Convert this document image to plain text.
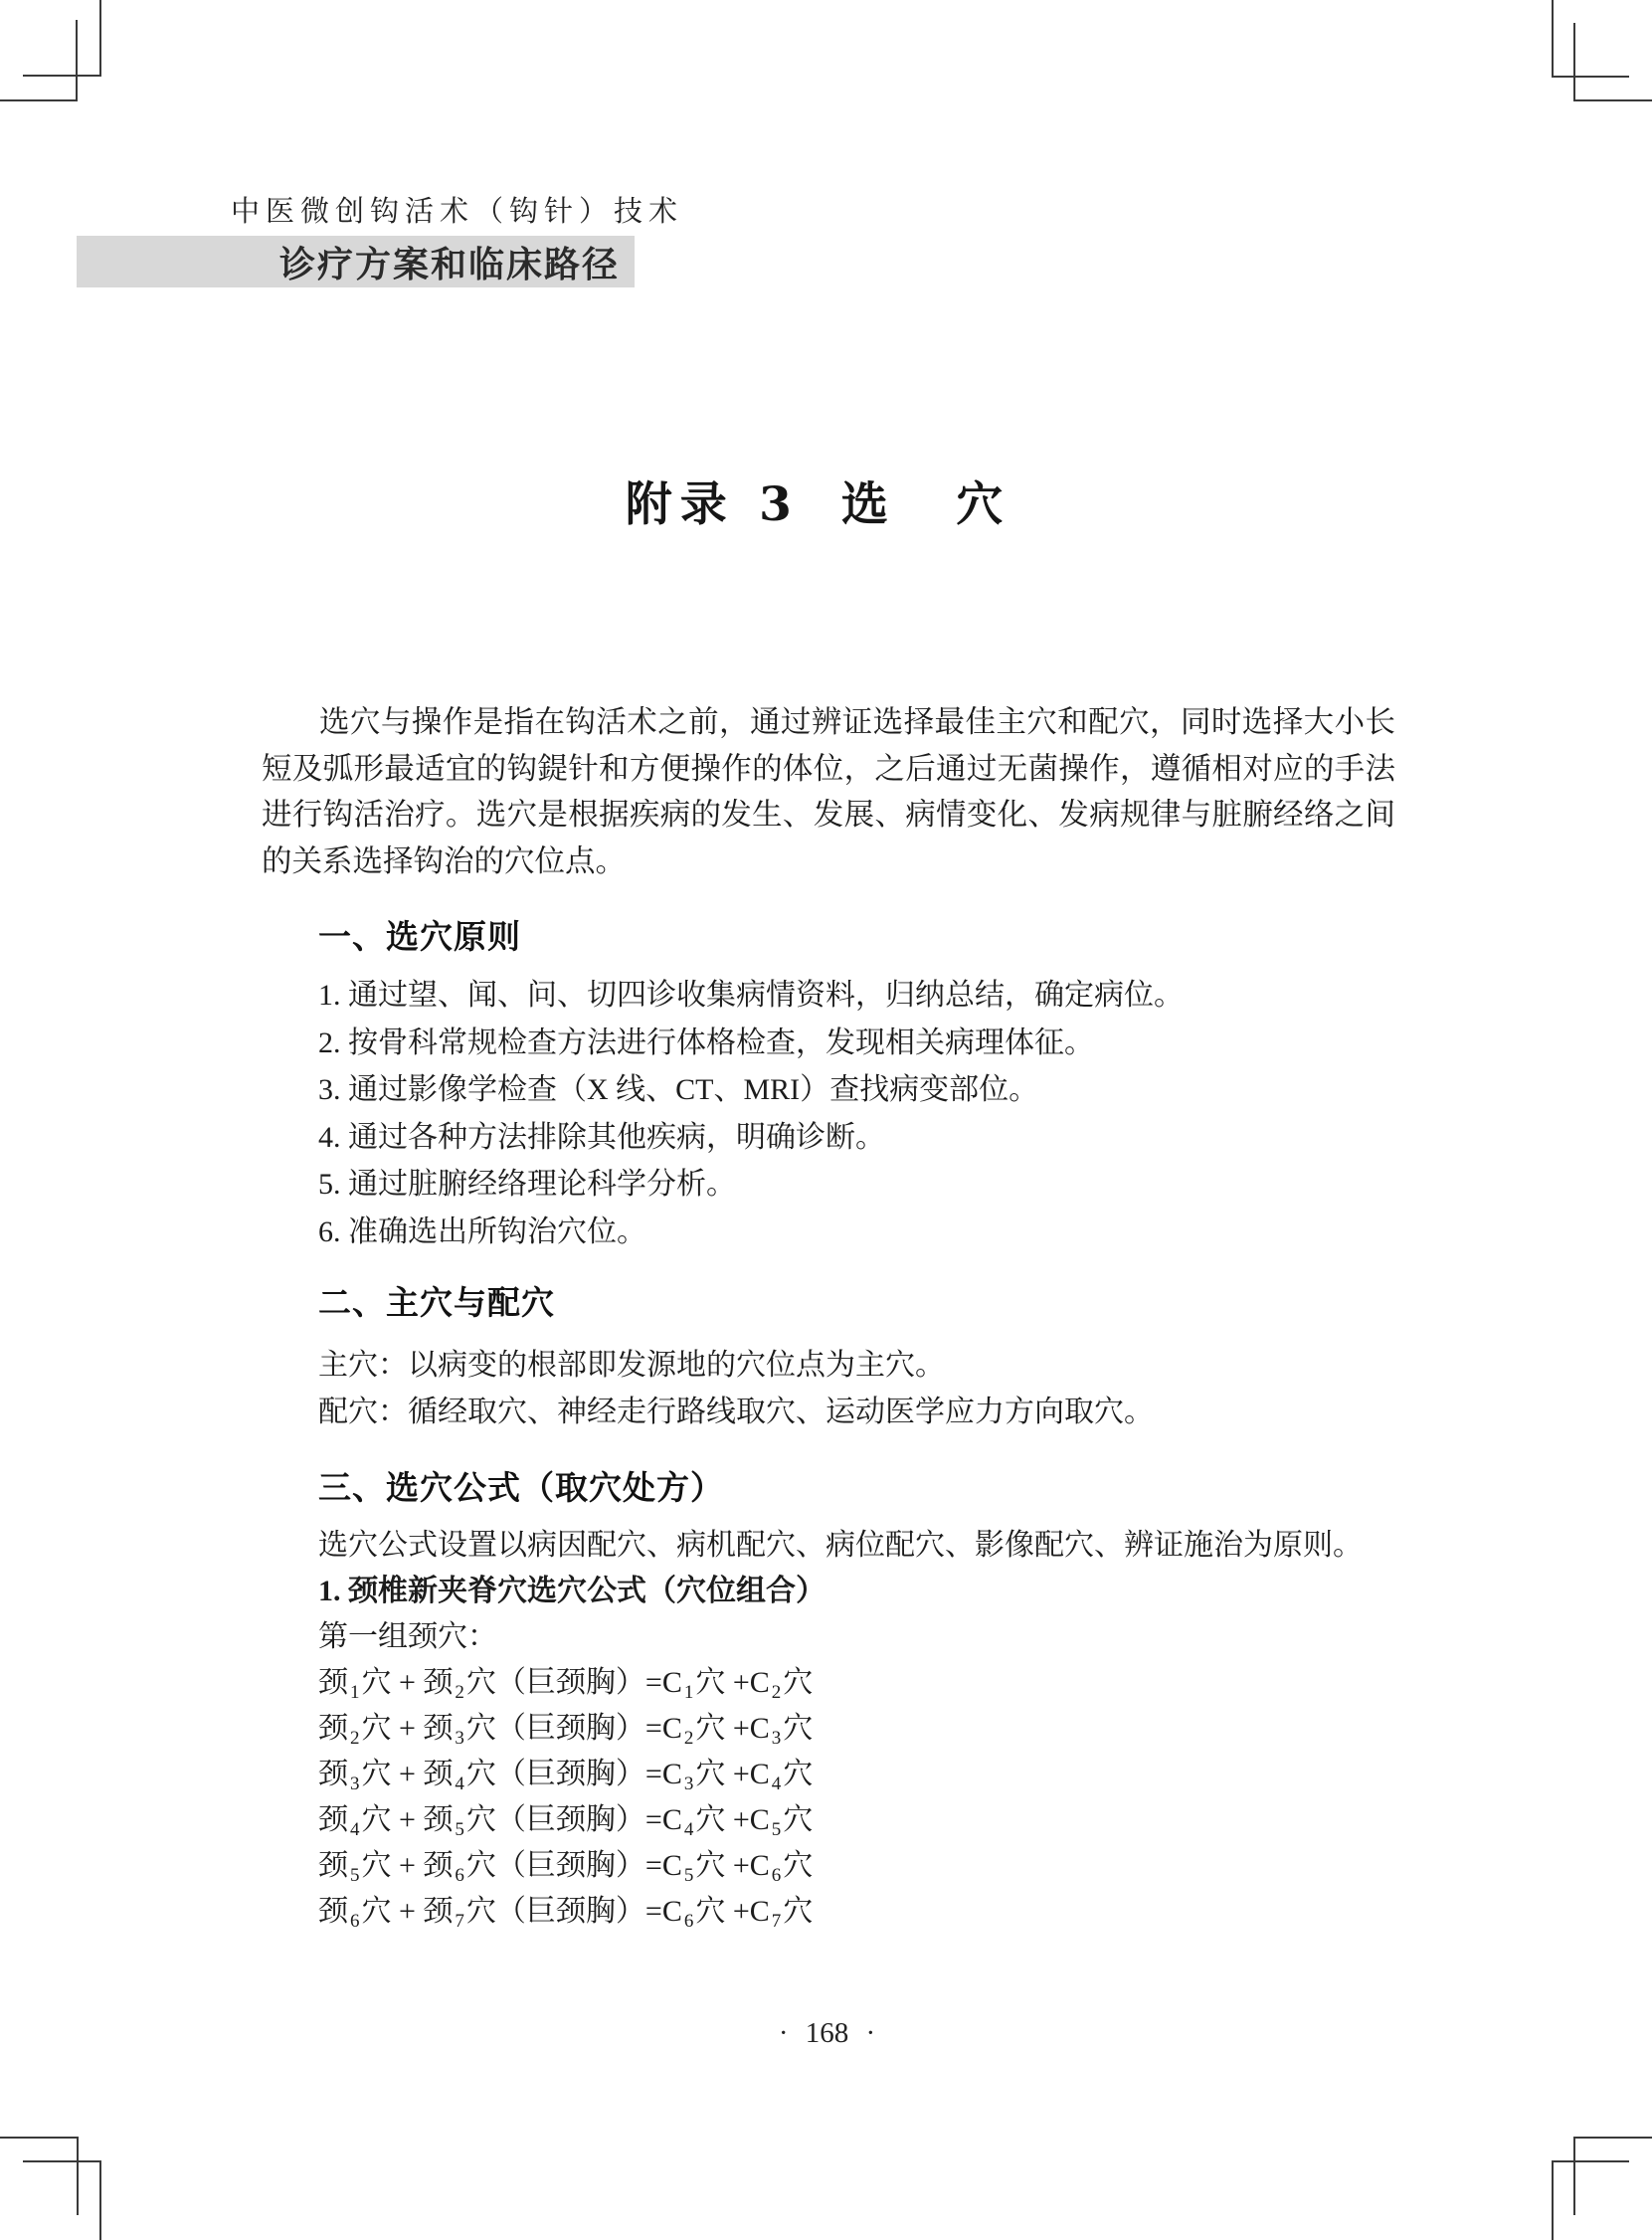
中医微创钩活术（钩针）技术
诊疗方案和临床路径
附录 3 选 穴
选穴与操作是指在钩活术之前，通过辨证选择最佳主穴和配穴，同时选择大小长短及弧形最适宜的钩鍉针和方便操作的体位，之后通过无菌操作，遵循相对应的手法进行钩活治疗。选穴是根据疾病的发生、发展、病情变化、发病规律与脏腑经络之间的关系选择钩治的穴位点。
一、选穴原则
1. 通过望、闻、问、切四诊收集病情资料，归纳总结，确定病位。
2. 按骨科常规检查方法进行体格检查，发现相关病理体征。
3. 通过影像学检查（X 线、CT、MRI）查找病变部位。
4. 通过各种方法排除其他疾病，明确诊断。
5. 通过脏腑经络理论科学分析。
6. 准确选出所钩治穴位。
二、主穴与配穴
主穴：以病变的根部即发源地的穴位点为主穴。
配穴：循经取穴、神经走行路线取穴、运动医学应力方向取穴。
三、选穴公式（取穴处方）
选穴公式设置以病因配穴、病机配穴、病位配穴、影像配穴、辨证施治为原则。
1. 颈椎新夹脊穴选穴公式（穴位组合）
第一组颈穴：
颈 $_1$穴 + 颈 $_2$穴（巨颈胸）=C $_1$穴 +C $_2$穴
颈 $_2$穴 + 颈 $_3$穴（巨颈胸）=C $_2$穴 +C $_3$穴
颈 $_3$穴 + 颈 $_4$穴（巨颈胸）=C $_3$穴 +C $_4$穴
颈 $_4$穴 + 颈 $_5$穴（巨颈胸）=C $_4$穴 +C $_5$穴
颈 $_5$穴 + 颈 $_6$穴（巨颈胸）=C $_5$穴 +C $_6$穴
颈 $_6$穴 + 颈 $_7$穴（巨颈胸）=C $_6$穴 +C $_7$穴
· 168 ·
